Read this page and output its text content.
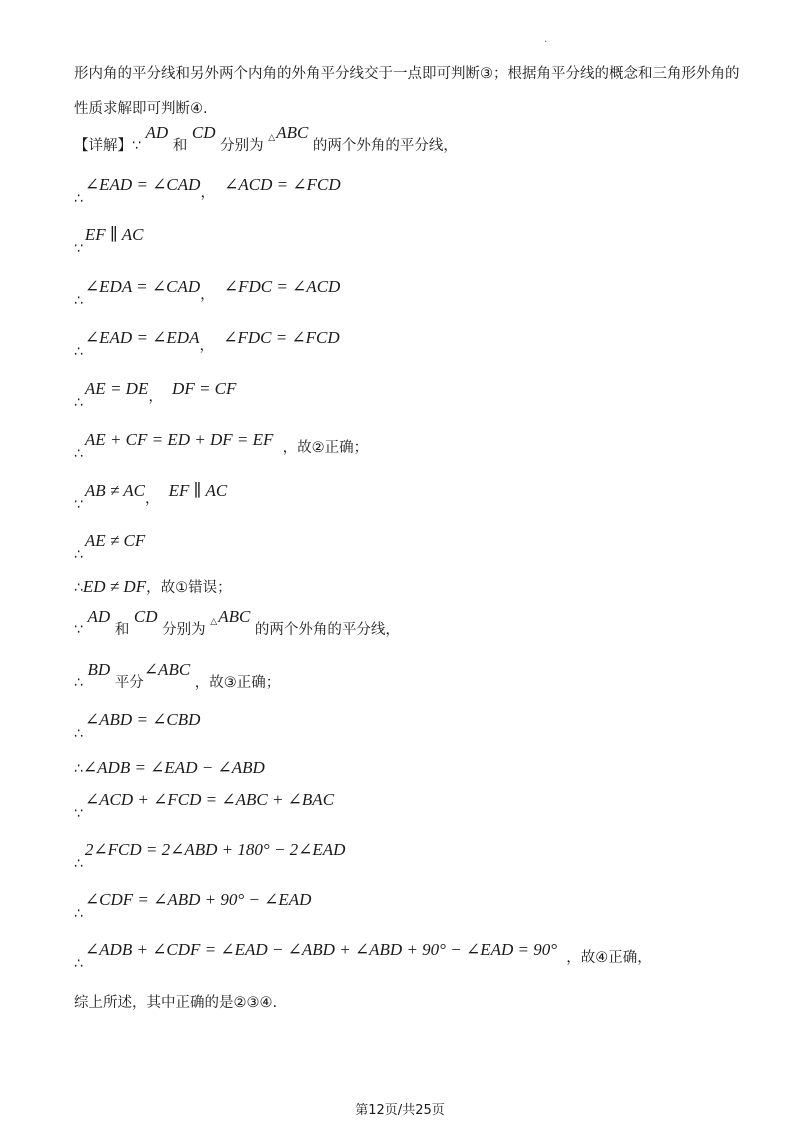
.
形内角的平分线和另外两个内角的外角平分线交于一点即可判断③；根据角平分线的概念和三角形外角的
性质求解即可判断④.
【详解】∵ AD 和 CD 分别为 △ABC 的两个外角的平分线，
∴∠EAD = ∠CAD， ∠ACD = ∠FCD
∵EF ∥ AC
∴∠EDA = ∠CAD， ∠FDC = ∠ACD
∴∠EAD = ∠EDA， ∠FDC = ∠FCD
∴AE = DE， DF = CF
∴AE + CF = ED + DF = EF ，故②正确；
∵AB ≠ AC， EF ∥ AC
∴AE ≠ CF
∴ED ≠ DF，故①错误；
∵ AD 和 CD 分别为 △ABC 的两个外角的平分线，
∴ BD 平分∠ABC ，故③正确；
∴∠ABD = ∠CBD
∴∠ADB = ∠EAD − ∠ABD
∵∠ACD + ∠FCD = ∠ABC + ∠BAC
∴2∠FCD = 2∠ABD + 180° − 2∠EAD
∴∠CDF = ∠ABD + 90° − ∠EAD
∴∠ADB + ∠CDF = ∠EAD − ∠ABD + ∠ABD + 90° − ∠EAD = 90° ，故④正确，
综上所述，其中正确的是②③④.
第12页/共25页
